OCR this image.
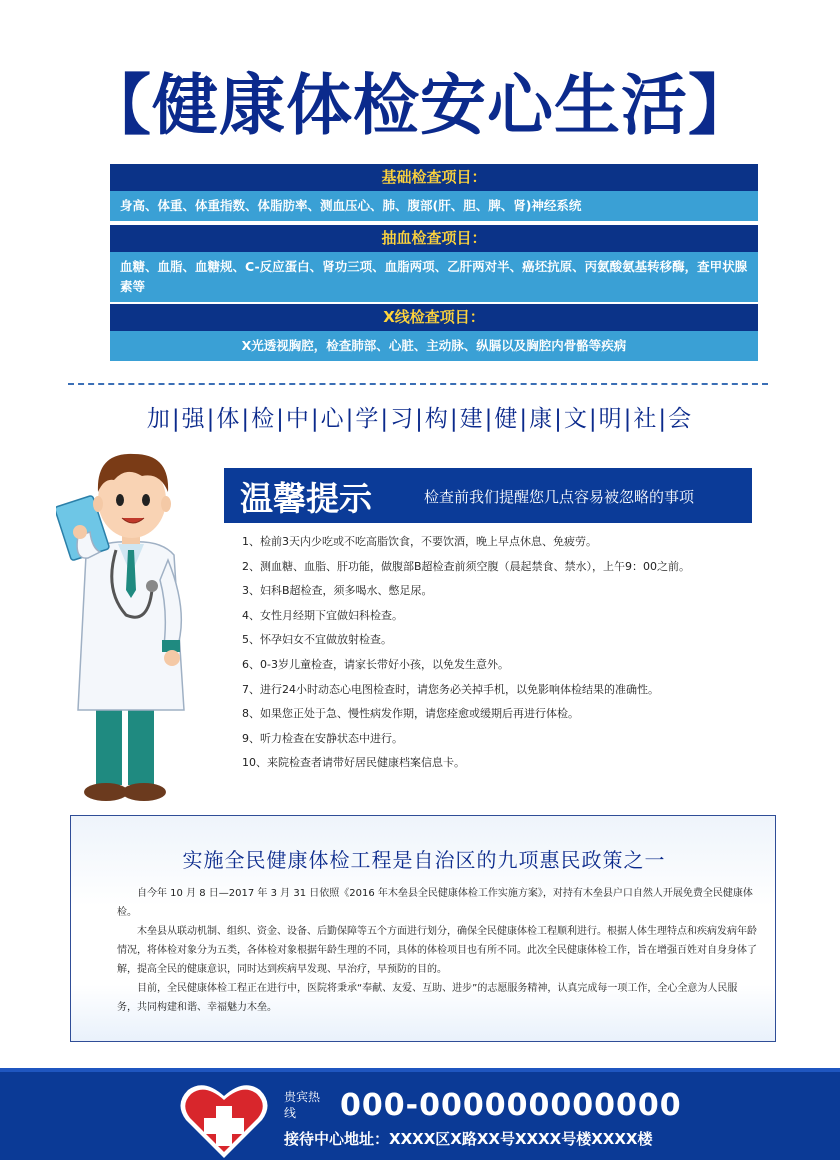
【健康体检安心生活】
基础检查项目：
身高、体重、体重指数、体脂肪率、测血压心、肺、腹部(肝、胆、脾、肾)神经系统
抽血检查项目：
血糖、血脂、血糖规、C-反应蛋白、肾功三项、血脂两项、乙肝两对半、癌坯抗原、丙氨酸氨基转移酶，查甲状腺素等
X线检查项目：
X光透视胸腔，检查肺部、心脏、主动脉、纵膈以及胸腔内骨骼等疾病
加|强|体|检|中|心|学|习|构|建|健|康|文|明|社|会
温馨提示	检查前我们提醒您几点容易被忽略的事项
1、检前3天内少吃或不吃高脂饮食，不要饮酒，晚上早点休息、免疲劳。
2、测血糖、血脂、肝功能，做腹部B超检查前须空腹（晨起禁食、禁水），上午9：00之前。
3、妇科B超检查，须多喝水、憋足尿。
4、女性月经期下宜做妇科检查。
5、怀孕妇女不宜做放射检查。
6、0-3岁儿童检查，请家长带好小孩，以免发生意外。
7、进行24小时动态心电图检查时，请您务必关掉手机，以免影响体检结果的准确性。
8、如果您正处于急、慢性病发作期，请您痊愈或缓期后再进行体检。
9、听力检查在安静状态中进行。
10、来院检查者请带好居民健康档案信息卡。
实施全民健康体检工程是自治区的九项惠民政策之一

自今年 10 月 8 日—2017 年 3 月 31 日依照《2016 年木垒县全民健康体检工作实施方案》，对持有木垒县户口自然人开展免费全民健康体检。

木垒县从联动机制、组织、资金、设备、后勤保障等五个方面进行划分，确保全民健康体检工程顺利进行。根据人体生理特点和疾病发病年龄情况，将体检对象分为五类，各体检对象根据年龄生理的不同，具体的体检项目也有所不同。此次全民健康体检工作，旨在增强百姓对自身身体了解，提高全民的健康意识，同时达到疾病早发现、早治疗，早预防的目的。

目前，全民健康体检工程正在进行中，医院将秉承“奉献、友爱、互助、进步”的志愿服务精神，认真完成每一项工作，全心全意为人民服务，共同构建和谐、幸福魅力木垒。

贵宾热线	000-000000000000
接待中心地址：XXXX区X路XX号XXXX号楼XXXX楼
